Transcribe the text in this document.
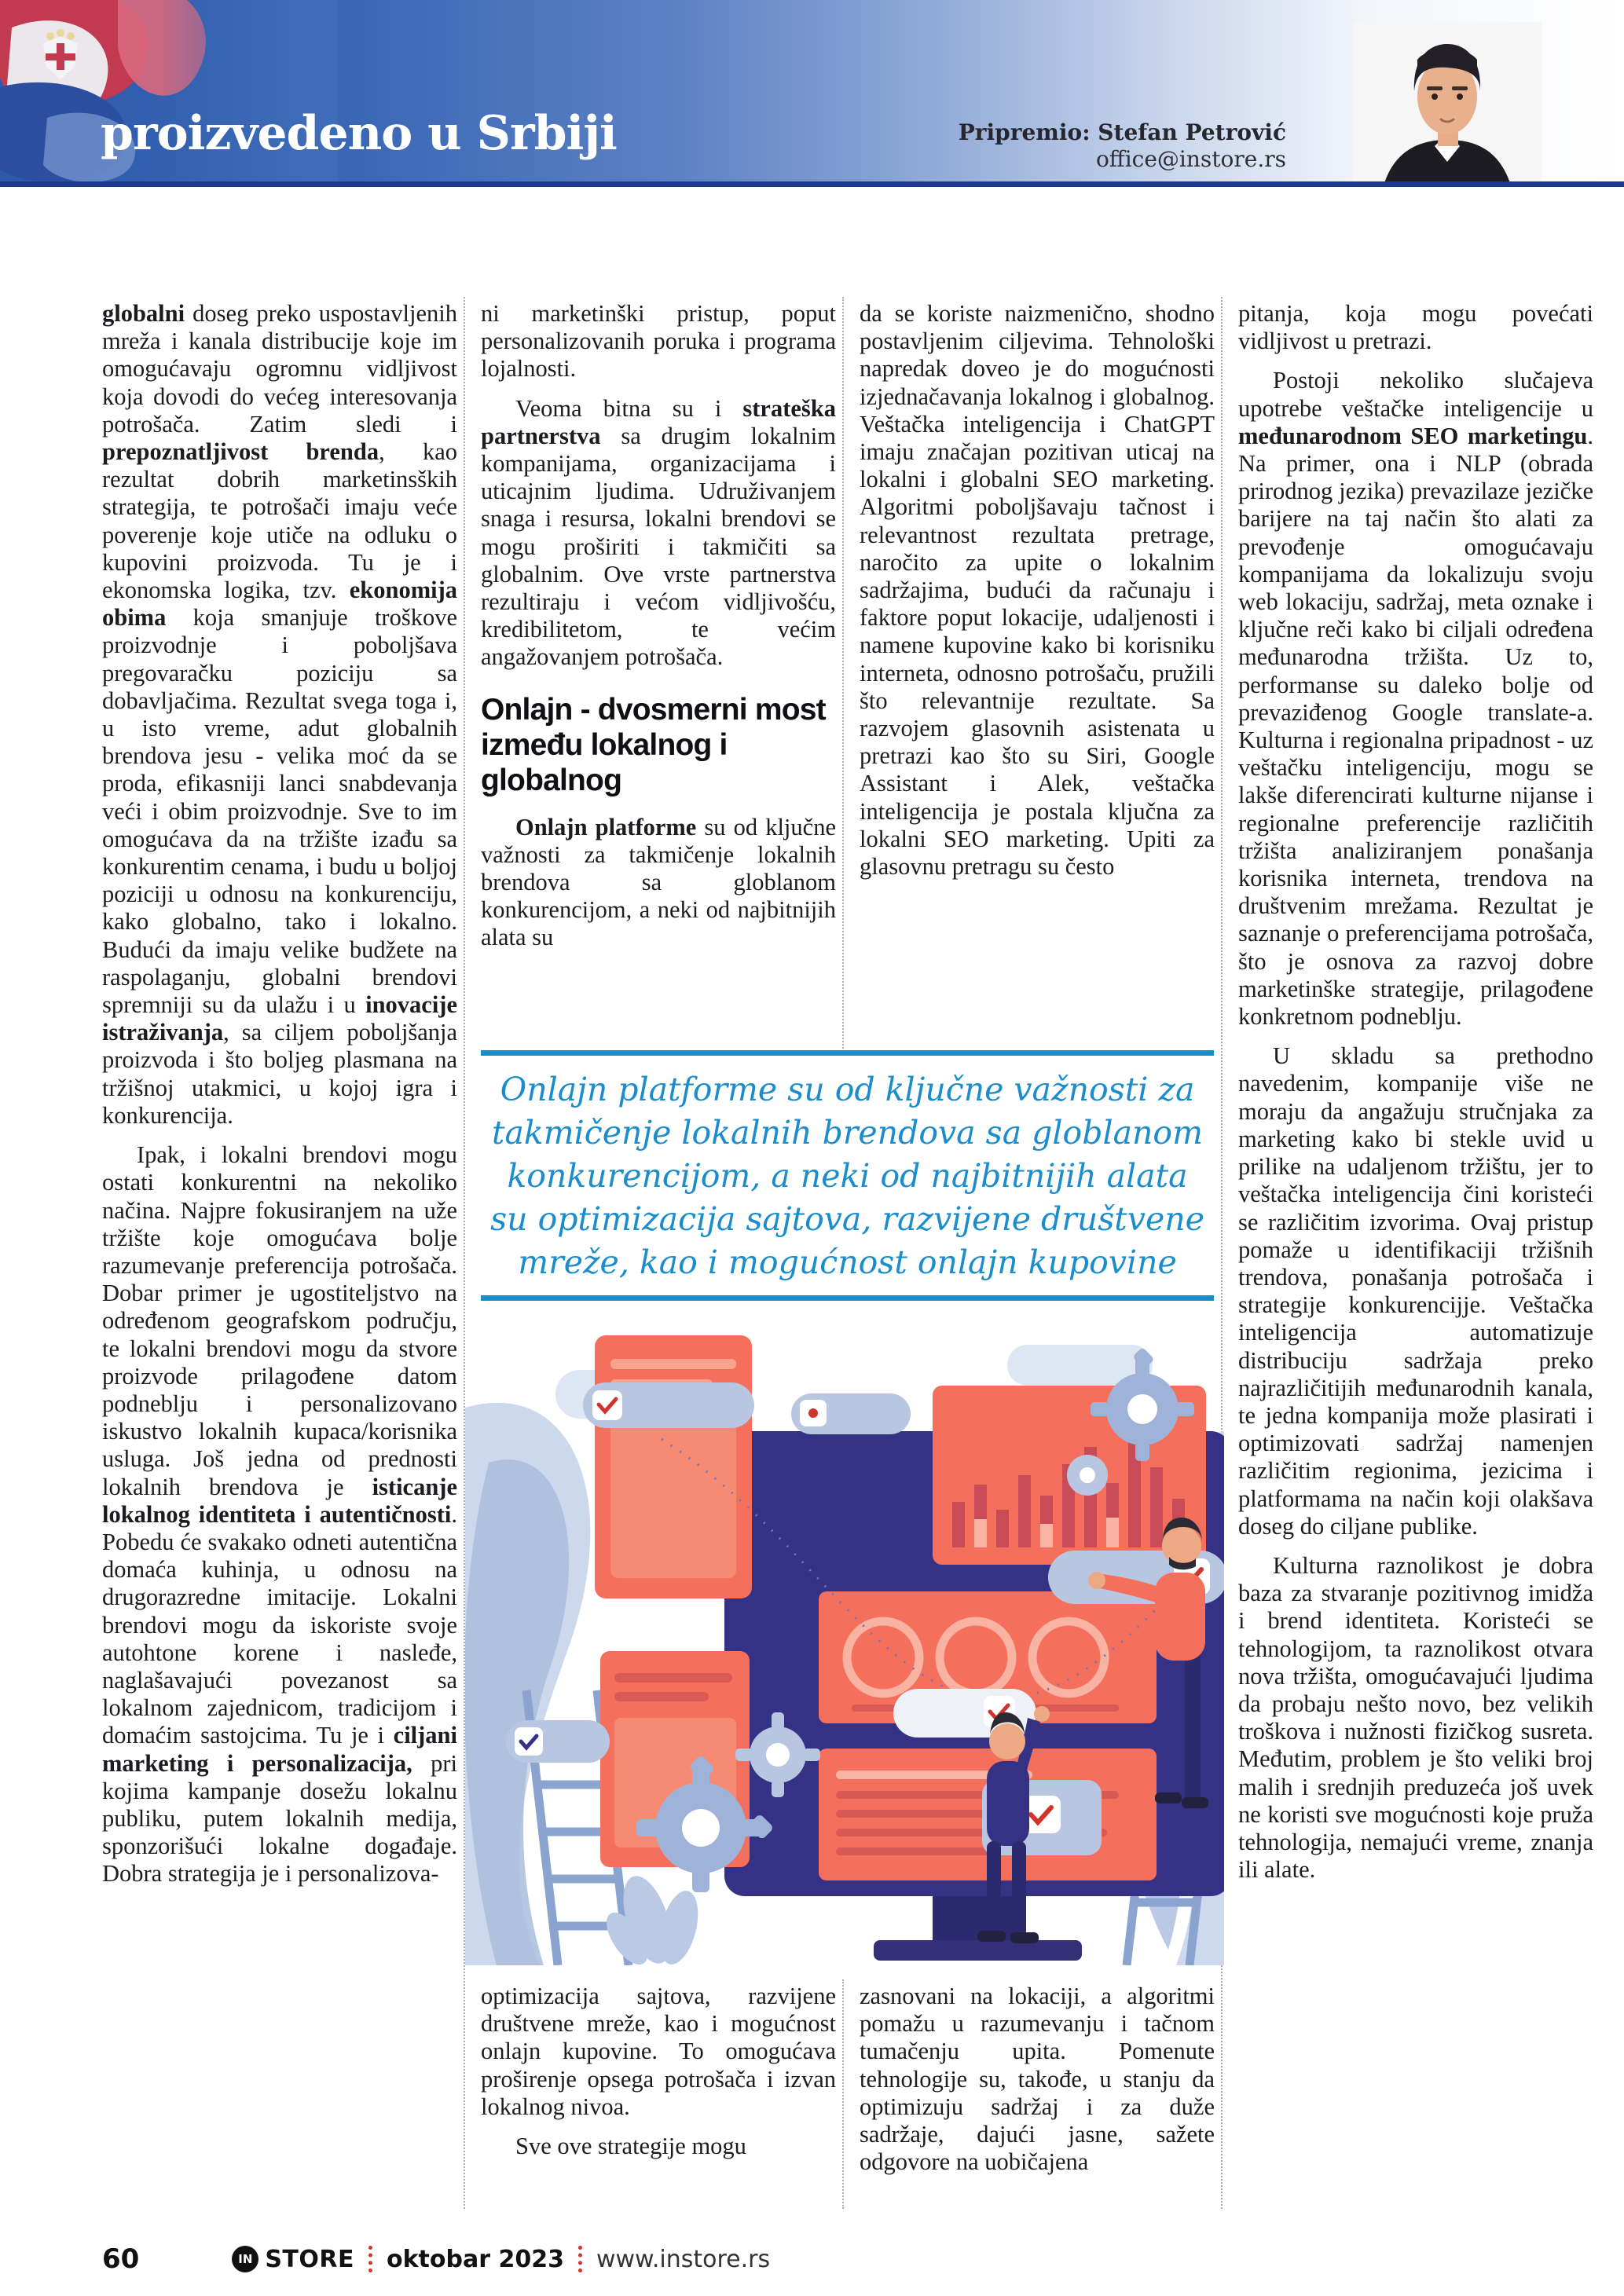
proizvedeno u Srbiji	Pripremio: Stefan Petrović
office@instore.rs

globalni doseg preko uspostavljenih mreža i kanala distribucije koje im omogućavaju ogromnu vidljivost koja dovodi do većeg interesovanja potrošača. Zatim sledi i prepoznatljivost brenda, kao rezultat dobrih marketinsških strategija, te potrošači imaju veće poverenje koje utiče na odluku o kupovini proizvoda. Tu je i ekonomska logika, tzv. ekonomija obima koja smanjuje troškove proizvodnje i poboljšava pregovaračku poziciju sa dobavljačima. Rezultat svega toga i, u isto vreme, adut globalnih brendova jesu - velika moć da se proda, efikasniji lanci snabdevanja veći i obim proizvodnje. Sve to im omogućava da na tržište izađu sa konkurentim cenama, i budu u boljoj poziciji u odnosu na konkurenciju, kako globalno, tako i lokalno. Budući da imaju velike budžete na raspolaganju, globalni brendovi spremniji su da ulažu i u inovacije istraživanja, sa ciljem poboljšanja proizvoda i što boljeg plasmana na tržišnoj utakmici, u kojoj igra i konkurencija.

Ipak, i lokalni brendovi mogu ostati konkurentni na nekoliko načina. Najpre fokusiranjem na uže tržište koje omogućava bolje razumevanje preferencija potrošača. Dobar primer je ugostiteljstvo na određenom geografskom području, te lokalni brendovi mogu da stvore proizvode prilagođene datom podneblju i personalizovano iskustvo lokalnih kupaca/korisnika usluga. Još jedna od prednosti lokalnih brendova je isticanje lokalnog identiteta i autentičnosti. Pobedu će svakako odneti autentična domaća kuhinja, u odnosu na drugorazredne imitacije. Lokalni brendovi mogu da iskoriste svoje autohtone korene i nasleđe, naglašavajući povezanost sa lokalnom zajednicom, tradicijom i domaćim sastojcima. Tu je i ciljani marketing i personalizacija, pri kojima kampanje dosežu lokalnu publiku, putem lokalnih medija, sponzorišući lokalne događaje. Dobra strategija je i personalizova-

ni marketinški pristup, poput personalizovanih poruka i programa lojalnosti.

Veoma bitna su i strateška partnerstva sa drugim lokalnim kompanijama, organizacijama i uticajnim ljudima. Udruživanjem snaga i resursa, lokalni brendovi se mogu proširiti i takmičiti sa globalnim. Ove vrste partnerstva rezultiraju i većom vidljivošću, kredibilitetom, te većim angažovanjem potrošača.

Onlajn - dvosmerni most između lokalnog i globalnog

Onlajn platforme su od ključne važnosti za takmičenje lokalnih brendova sa globlanom konkurencijom, a neki od najbitnijih alata su

optimizacija sajtova, razvijene društvene mreže, kao i mogućnost onlajn kupovine. To omogućava proširenje opsega potrošača i izvan lokalnog nivoa.

Sve ove strategije mogu

da se koriste naizmenično, shodno postavljenim ciljevima. Tehnološki napredak doveo je do mogućnosti izjednačavanja lokalnog i globalnog. Veštačka inteligencija i ChatGPT imaju značajan pozitivan uticaj na lokalni i globalni SEO marketing. Algoritmi poboljšavaju tačnost i relevantnost rezultata pretrage, naročito za upite o lokalnim sadržajima, budući da računaju i faktore poput lokacije, udaljenosti i namene kupovine kako bi korisniku interneta, odnosno potrošaču, pružili što relevantnije rezultate. Sa razvojem glasovnih asistenata u pretrazi kao što su Siri, Google Assistant i Alek, veštačka inteligencija je postala ključna za lokalni SEO marketing. Upiti za glasovnu pretragu su često

zasnovani na lokaciji, a algoritmi pomažu u razumevanju i tačnom tumačenju upita. Pomenute tehnologije su, takođe, u stanju da optimizuju sadržaj i za duže sadržaje, dajući jasne, sažete odgovore na uobičajena

pitanja, koja mogu povećati vidljivost u pretrazi.

Postoji nekoliko slučajeva upotrebe veštačke inteligencije u međunarodnom SEO marketingu. Na primer, ona i NLP (obrada prirodnog jezika) prevazilaze jezičke barijere na taj način što alati za prevođenje omogućavaju kompanijama da lokalizuju svoju web lokaciju, sadržaj, meta oznake i ključne reči kako bi ciljali određena međunarodna tržišta. Uz to, performanse su daleko bolje od prevaziđenog Google translate-a. Kulturna i regionalna pripadnost - uz veštačku inteligenciju, mogu se lakše diferencirati kulturne nijanse i regionalne preferencije različitih tržišta analiziranjem ponašanja korisnika interneta, trendova na društvenim mrežama. Rezultat je saznanje o preferencijama potrošača, što je osnova za razvoj dobre marketinške strategije, prilagođene konkretnom podneblju.

U skladu sa prethodno navedenim, kompanije više ne moraju da angažuju stručnjaka za marketing kako bi stekle uvid u prilike na udaljenom tržištu, jer to veštačka inteligencija čini koristeći se različitim izvorima. Ovaj pristup pomaže u identifikaciji tržišnih trendova, ponašanja potrošača i strategije konkurencijje. Veštačka inteligencija automatizuje distribuciju sadržaja preko najrazličitijih međunarodnih kanala, te jedna kompanija može plasirati i optimizovati sadržaj namenjen različitim regionima, jezicima i platformama na način koji olakšava doseg do ciljane publike.

Kulturna raznolikost je dobra baza za stvaranje pozitivnog imidža i brend identiteta. Koristeći se tehnologijom, ta raznolikost otvara nova tržišta, omogućavajući ljudima da probaju nešto novo, bez velikih troškova i nužnosti fizičkog susreta. Međutim, problem je što veliki broj malih i srednjih preduzeća još uvek ne koristi sve mogućnosti koje pruža tehnologija, nemajući vreme, znanja ili alate.

Onlajn platforme su od ključne važnosti za takmičenje lokalnih brendova sa globlanom konkurencijom, a neki od najbitnijih alata su optimizacija sajtova, razvijene društvene mreže, kao i mogućnost onlajn kupovine
60	IN STORE oktobar 2023 www.instore.rs
